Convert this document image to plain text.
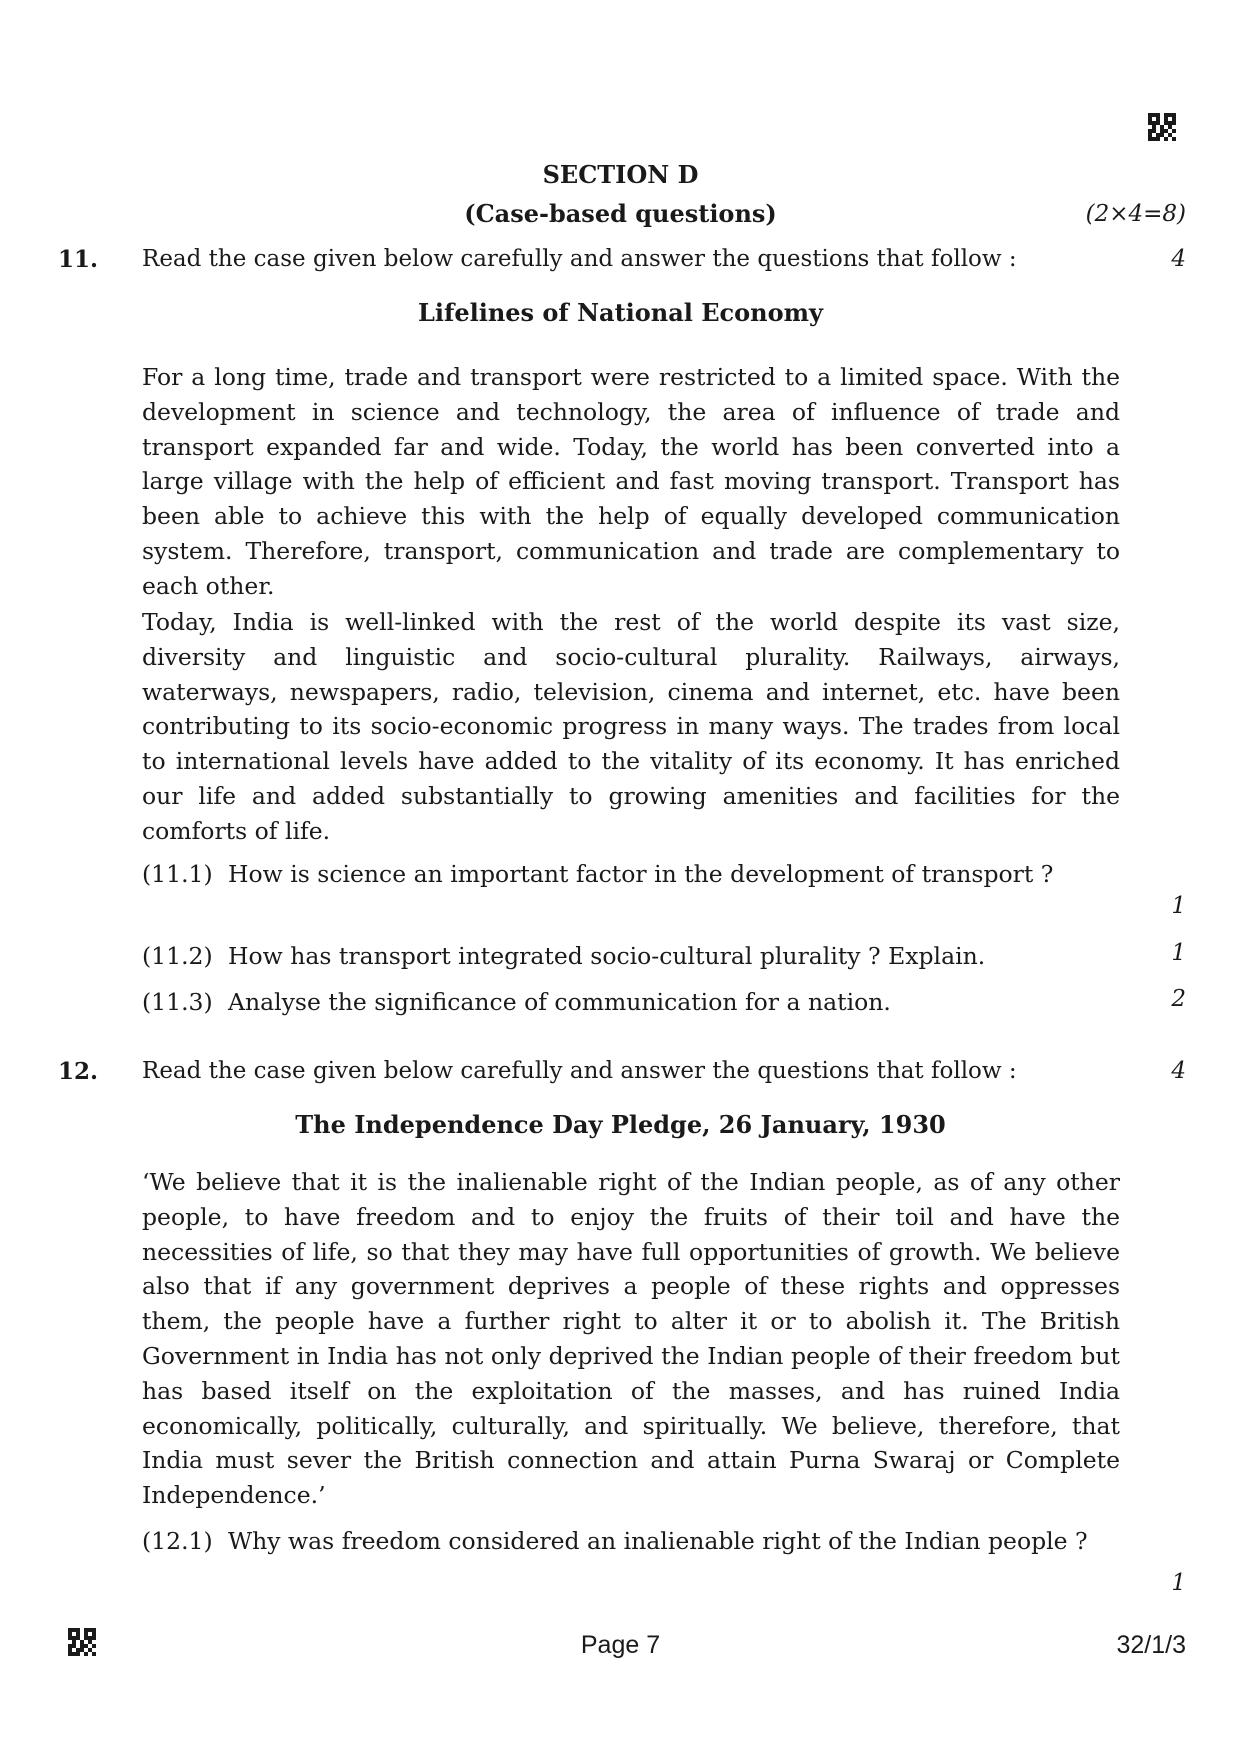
SECTION D
(Case-based questions)	(2×4=8)
11. Read the case given below carefully and answer the questions that follow :	4
Lifelines of National Economy

For a long time, trade and transport were restricted to a limited space. With the development in science and technology, the area of influence of trade and transport expanded far and wide. Today, the world has been converted into a large village with the help of efficient and fast moving transport. Transport has been able to achieve this with the help of equally developed communication system. Therefore, transport, communication and trade are complementary to each other.

Today, India is well-linked with the rest of the world despite its vast size, diversity and linguistic and socio-cultural plurality. Railways, airways, waterways, newspapers, radio, television, cinema and internet, etc. have been contributing to its socio-economic progress in many ways. The trades from local to international levels have added to the vitality of its economy. It has enriched our life and added substantially to growing amenities and facilities for the comforts of life.

(11.1) How is science an important factor in the development of transport ?
1
(11.2) How has transport integrated socio-cultural plurality ? Explain.	1
(11.3) Analyse the significance of communication for a nation.	2
12. Read the case given below carefully and answer the questions that follow :	4
The Independence Day Pledge, 26 January, 1930

‘We believe that it is the inalienable right of the Indian people, as of any other people, to have freedom and to enjoy the fruits of their toil and have the necessities of life, so that they may have full opportunities of growth. We believe also that if any government deprives a people of these rights and oppresses them, the people have a further right to alter it or to abolish it. The British Government in India has not only deprived the Indian people of their freedom but has based itself on the exploitation of the masses, and has ruined India economically, politically, culturally, and spiritually. We believe, therefore, that India must sever the British connection and attain Purna Swaraj or Complete Independence.’

(12.1) Why was freedom considered an inalienable right of the Indian people ?
1
Page 7	32/1/3
